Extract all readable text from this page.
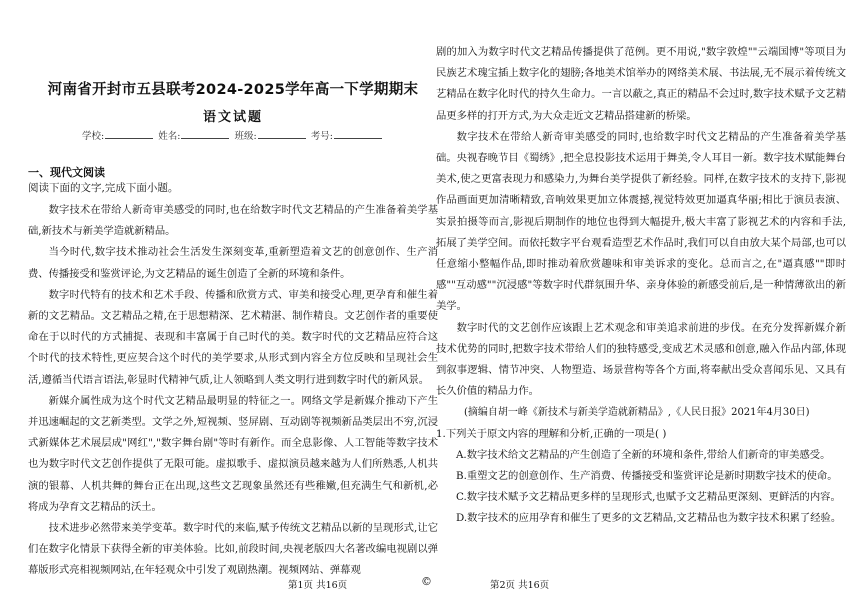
河南省开封市五县联考2024-2025学年高一下学期期末
语文试题
学校:	姓名:	班级:	考号:
一、现代文阅读
阅读下面的文字,完成下面小题。

数字技术在带给人新奇审美感受的同时,也在给数字时代文艺精品的产生准备着美学基础,新技术与新美学造就新精品。

当今时代,数字技术推动社会生活发生深刻变革,重新塑造着文艺的创意创作、生产消费、传播接受和鉴赏评论,为文艺精品的诞生创造了全新的环境和条件。

数字时代特有的技术和艺术手段、传播和欣赏方式、审美和接受心理,更孕育和催生着新的文艺精品。文艺精品之精,在于思想精深、艺术精湛、制作精良。文艺创作者的重要使命在于以时代的方式捕捉、表现和丰富属于自己时代的美。数字时代的文艺精品应符合这个时代的技术特性,更应契合这个时代的美学要求,从形式到内容全方位反映和呈现社会生活,遵循当代语言语法,彰显时代精神气质,让人领略到人类文明行进到数字时代的新风景。

新媒介属性成为这个时代文艺精品最明显的特征之一。网络文学是新媒介推动下产生并迅速崛起的文艺新类型。文学之外,短视频、竖屏剧、互动剧等视频新品类层出不穷,沉浸式新媒体艺术展层成"网红","数字舞台剧"等时有新作。而全息影像、人工智能等数字技术也为数字时代文艺创作提供了无限可能。虚拟歌手、虚拟演员越来越为人们所熟悉,人机共演的银幕、人机共舞的舞台正在出现,这些文艺现象虽然还有些稚嫩,但充满生气和新机,必将成为孕育文艺精品的沃土。

技术进步必然带来美学变革。数字时代的来临,赋予传统文艺精品以新的呈现形式,让它们在数字化情景下获得全新的审美体验。比如,前段时间,央视老版四大名著改编电视剧以弹幕版形式亮相视频网站,在年轻观众中引发了观剧热潮。视频网站、弹幕观

剧的加入为数字时代文艺精品传播提供了范例。更不用说,"数字敦煌""云端国博"等项目为民族艺术瑰宝插上数字化的翅膀;各地美术馆举办的网络美术展、书法展,无不展示着传统文艺精品在数字化时代的持久生命力。一言以蔽之,真正的精品不会过时,数字技术赋予文艺精品更多样的打开方式,为大众走近文艺精品搭建新的桥梁。

数字技术在带给人新奇审美感受的同时,也给数字时代文艺精品的产生准备着美学基础。央视春晚节目《蜀绣》,把全息投影技术运用于舞美,令人耳目一新。数字技术赋能舞台美术,使之更富表现力和感染力,为舞台美学提供了新经验。同样,在数字技术的支持下,影视作品画面更加清晰精致,音响效果更加立体震撼,视觉特效更加逼真华丽;相比于演员表演、实景拍摄等而言,影视后期制作的地位也得到大幅提升,极大丰富了影视艺术的内容和手法,拓展了美学空间。而依托数字平台观看造型艺术作品时,我们可以自由放大某个局部,也可以任意缩小整幅作品,即时推动着欣赏趣味和审美诉求的变化。总而言之,在"逼真感""即时感""互动感""沉浸感"等数字时代群氛围升华、亲身体验的新感受前后,是一种情薄欲出的新美学。

数字时代的文艺创作应该跟上艺术观念和审美追求前进的步伐。在充分发挥新媒介新技术优势的同时,把数字技术带给人们的独特感受,变成艺术灵感和创意,融入作品内部,体现到叙事逻辑、情节冲突、人物塑造、场景营构等各个方面,将奉献出受众喜闻乐见、又具有长久价值的精品力作。

(摘编自胡一峰《新技术与新美学造就新精品》,《人民日报》2021年4月30日)

1.下列关于原文内容的理解和分析,正确的一项是( )

A.数字技术给文艺精品的产生创造了全新的环境和条件,带给人们新奇的审美感受。

B.重塑文艺的创意创作、生产消费、传播接受和鉴赏评论是新时期数字技术的使命。

C.数字技术赋予文艺精品更多样的呈现形式,也赋予文艺精品更深刻、更鲜活的内容。

D.数字技术的应用孕育和催生了更多的文艺精品,文艺精品也为数字技术积累了经验。

第1页 共16页	©	第2页 共16页
